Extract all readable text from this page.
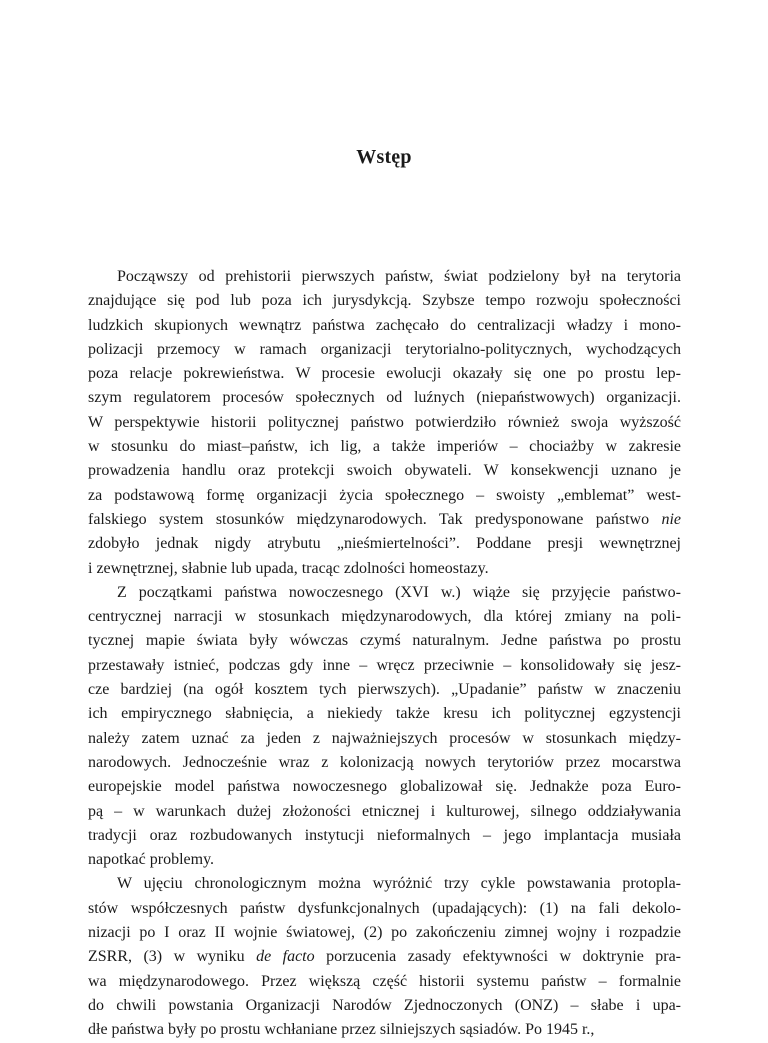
Wstęp
Począwszy od prehistorii pierwszych państw, świat podzielony był na terytoria
znajdujące się pod lub poza ich jurysdykcją. Szybsze tempo rozwoju społeczności
ludzkich skupionych wewnątrz państwa zachęcało do centralizacji władzy i mono-
polizacji przemocy w ramach organizacji terytorialno-politycznych, wychodzących
poza relacje pokrewieństwa. W procesie ewolucji okazały się one po prostu lep-
szym regulatorem procesów społecznych od luźnych (niepaństwowych) organizacji.
W perspektywie historii politycznej państwo potwierdziło również swoja wyższość
w stosunku do miast–państw, ich lig, a także imperiów – chociażby w zakresie
prowadzenia handlu oraz protekcji swoich obywateli. W konsekwencji uznano je
za podstawową formę organizacji życia społecznego – swoisty „emblemat” west-
falskiego system stosunków międzynarodowych. Tak predysponowane państwo nie
zdobyło jednak nigdy atrybutu „nieśmiertelności”. Poddane presji wewnętrznej
i zewnętrznej, słabnie lub upada, tracąc zdolności homeostazy.
Z początkami państwa nowoczesnego (XVI w.) wiąże się przyjęcie państwo-
centrycznej narracji w stosunkach międzynarodowych, dla której zmiany na poli-
tycznej mapie świata były wówczas czymś naturalnym. Jedne państwa po prostu
przestawały istnieć, podczas gdy inne – wręcz przeciwnie – konsolidowały się jesz-
cze bardziej (na ogół kosztem tych pierwszych). „Upadanie” państw w znaczeniu
ich empirycznego słabnięcia, a niekiedy także kresu ich politycznej egzystencji
należy zatem uznać za jeden z najważniejszych procesów w stosunkach między-
narodowych. Jednocześnie wraz z kolonizacją nowych terytoriów przez mocarstwa
europejskie model państwa nowoczesnego globalizował się. Jednakże poza Euro-
pą – w warunkach dużej złożoności etnicznej i kulturowej, silnego oddziaływania
tradycji oraz rozbudowanych instytucji nieformalnych – jego implantacja musiała
napotkać problemy.
W ujęciu chronologicznym można wyróżnić trzy cykle powstawania protopla-
stów współczesnych państw dysfunkcjonalnych (upadających): (1) na fali dekolo-
nizacji po I oraz II wojnie światowej, (2) po zakończeniu zimnej wojny i rozpadzie
ZSRR, (3) w wyniku de facto porzucenia zasady efektywności w doktrynie pra-
wa międzynarodowego. Przez większą część historii systemu państw – formalnie
do chwili powstania Organizacji Narodów Zjednoczonych (ONZ) – słabe i upa-
dłe państwa były po prostu wchłaniane przez silniejszych sąsiadów. Po 1945 r.,
